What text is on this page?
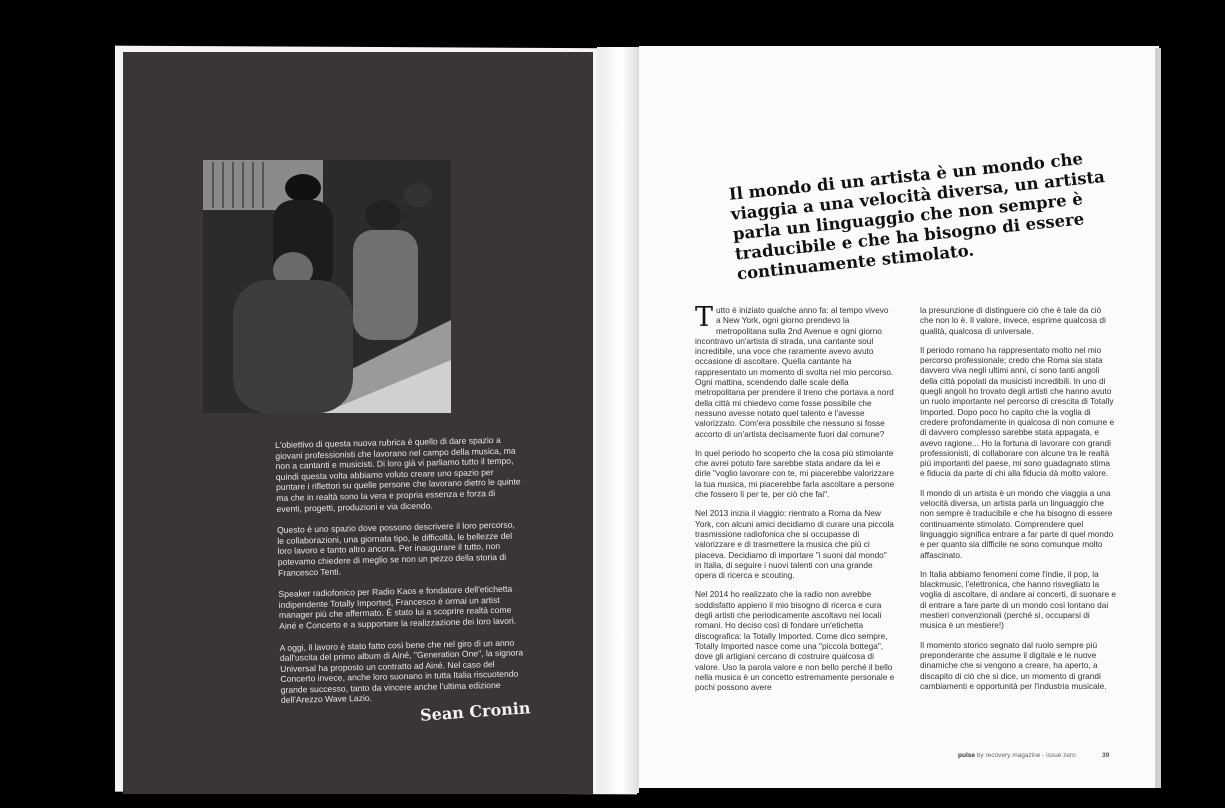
L'obiettivo di questa nuova rubrica è quello di dare spazio a giovani professionisti che lavorano nel campo della musica, ma non a cantanti e musicisti. Di loro già vi parliamo tutto il tempo, quindi questa volta abbiamo voluto creare uno spazio per puntare i riflettori su quelle persone che lavorano dietro le quinte ma che in realtà sono la vera e propria essenza e forza di eventi, progetti, produzioni e via dicendo.

Questo è uno spazio dove possono descrivere il loro percorso, le collaborazioni, una giornata tipo, le difficoltà, le bellezze del loro lavoro e tanto altro ancora. Per inaugurare il tutto, non potevamo chiedere di meglio se non un pezzo della storia di Francesco Tenti.

Speaker radiofonico per Radio Kaos e fondatore dell'etichetta indipendente Totally Imported, Francesco è ormai un artist manager più che affermato. È stato lui a scoprire realtà come Ainé e Concerto e a supportare la realizzazione dei loro lavori.

A oggi, il lavoro è stato fatto così bene che nel giro di un anno dall'uscita del primo album di Ainé, "Generation One", la signora Universal ha proposto un contratto ad Ainé. Nel caso del Concerto invece, anche loro suonano in tutta Italia riscuotendo grande successo, tanto da vincere anche l'ultima edizione dell'Arezzo Wave Lazio.	Sean Cronin
Il mondo di un artista è un mondo che viaggia a una velocità diversa, un artista parla un linguaggio che non sempre è traducibile e che ha bisogno di essere continuamente stimolato.

Tutto è iniziato qualche anno fa: al tempo vivevo a New York, ogni giorno prendevo la metropolitana sulla 2nd Avenue e ogni giorno incontravo un'artista di strada, una cantante soul incredibile, una voce che raramente avevo avuto occasione di ascoltare. Quella cantante ha rappresentato un momento di svolta nel mio percorso. Ogni mattina, scendendo dalle scale della metropolitana per prendere il treno che portava a nord della città mi chiedevo come fosse possibile che nessuno avesse notato quel talento e l'avesse valorizzato. Com'era possibile che nessuno si fosse accorto di un'artista decisamente fuori dal comune?

In quel periodo ho scoperto che la cosa più stimolante che avrei potuto fare sarebbe stata andare da lei e dirle "voglio lavorare con te, mi piacerebbe valorizzare la tua musica, mi piacerebbe farla ascoltare a persone che fossero lì per te, per ciò che fai".

Nel 2013 inizia il viaggio: rientrato a Roma da New York, con alcuni amici decidiamo di curare una piccola trasmissione radiofonica che si occupasse di valorizzare e di trasmettere la musica che più ci piaceva. Decidiamo di importare "i suoni dal mondo" in Italia, di seguire i nuovi talenti con una grande opera di ricerca e scouting.

Nel 2014 ho realizzato che la radio non avrebbe soddisfatto appieno il mio bisogno di ricerca e cura degli artisti che periodicamente ascoltavo nei locali romani. Ho deciso così di fondare un'etichetta discografica: la Totally Imported. Come dico sempre, Totally Imported nasce come una "piccola bottega", dove gli artigiani cercano di costruire qualcosa di valore. Uso la parola valore e non bello perché il bello nella musica è un concetto estremamente personale e pochi possono avere

la presunzione di distinguere ciò che è tale da ciò che non lo è. Il valore, invece, esprime qualcosa di qualità, qualcosa di universale.

Il periodo romano ha rappresentato molto nel mio percorso professionale; credo che Roma sia stata davvero viva negli ultimi anni, ci sono tanti angoli della città popolati da musicisti incredibili. In uno di quegli angoli ho trovato degli artisti che hanno avuto un ruolo importante nel percorso di crescita di Totally Imported. Dopo poco ho capito che la voglia di credere profondamente in qualcosa di non comune e di davvero complesso sarebbe stata appagata, e avevo ragione... Ho la fortuna di lavorare con grandi professionisti, di collaborare con alcune tra le realtà più importanti del paese, mi sono guadagnato stima e fiducia da parte di chi alla fiducia dà molto valore.

Il mondo di un artista è un mondo che viaggia a una velocità diversa, un artista parla un linguaggio che non sempre è traducibile e che ha bisogno di essere continuamente stimolato. Comprendere quel linguaggio significa entrare a far parte di quel mondo e per quanto sia difficile ne sono comunque molto affascinato.

In Italia abbiamo fenomeni come l'indie, il pop, la blackmusic, l'elettronica, che hanno risvegliato la voglia di ascoltare, di andare ai concerti, di suonare e di entrare a fare parte di un mondo così lontano dai mestieri convenzionali (perché sì, occuparsi di musica è un mestiere!)

Il momento storico segnato dal ruolo sempre più preponderante che assume il digitale e le nuove dinamiche che si vengono a creare, ha aperto, a discapito di ciò che si dice, un momento di grandi cambiamenti e opportunità per l'industria musicale.

pulse by recovery magazine - issue zero	39
